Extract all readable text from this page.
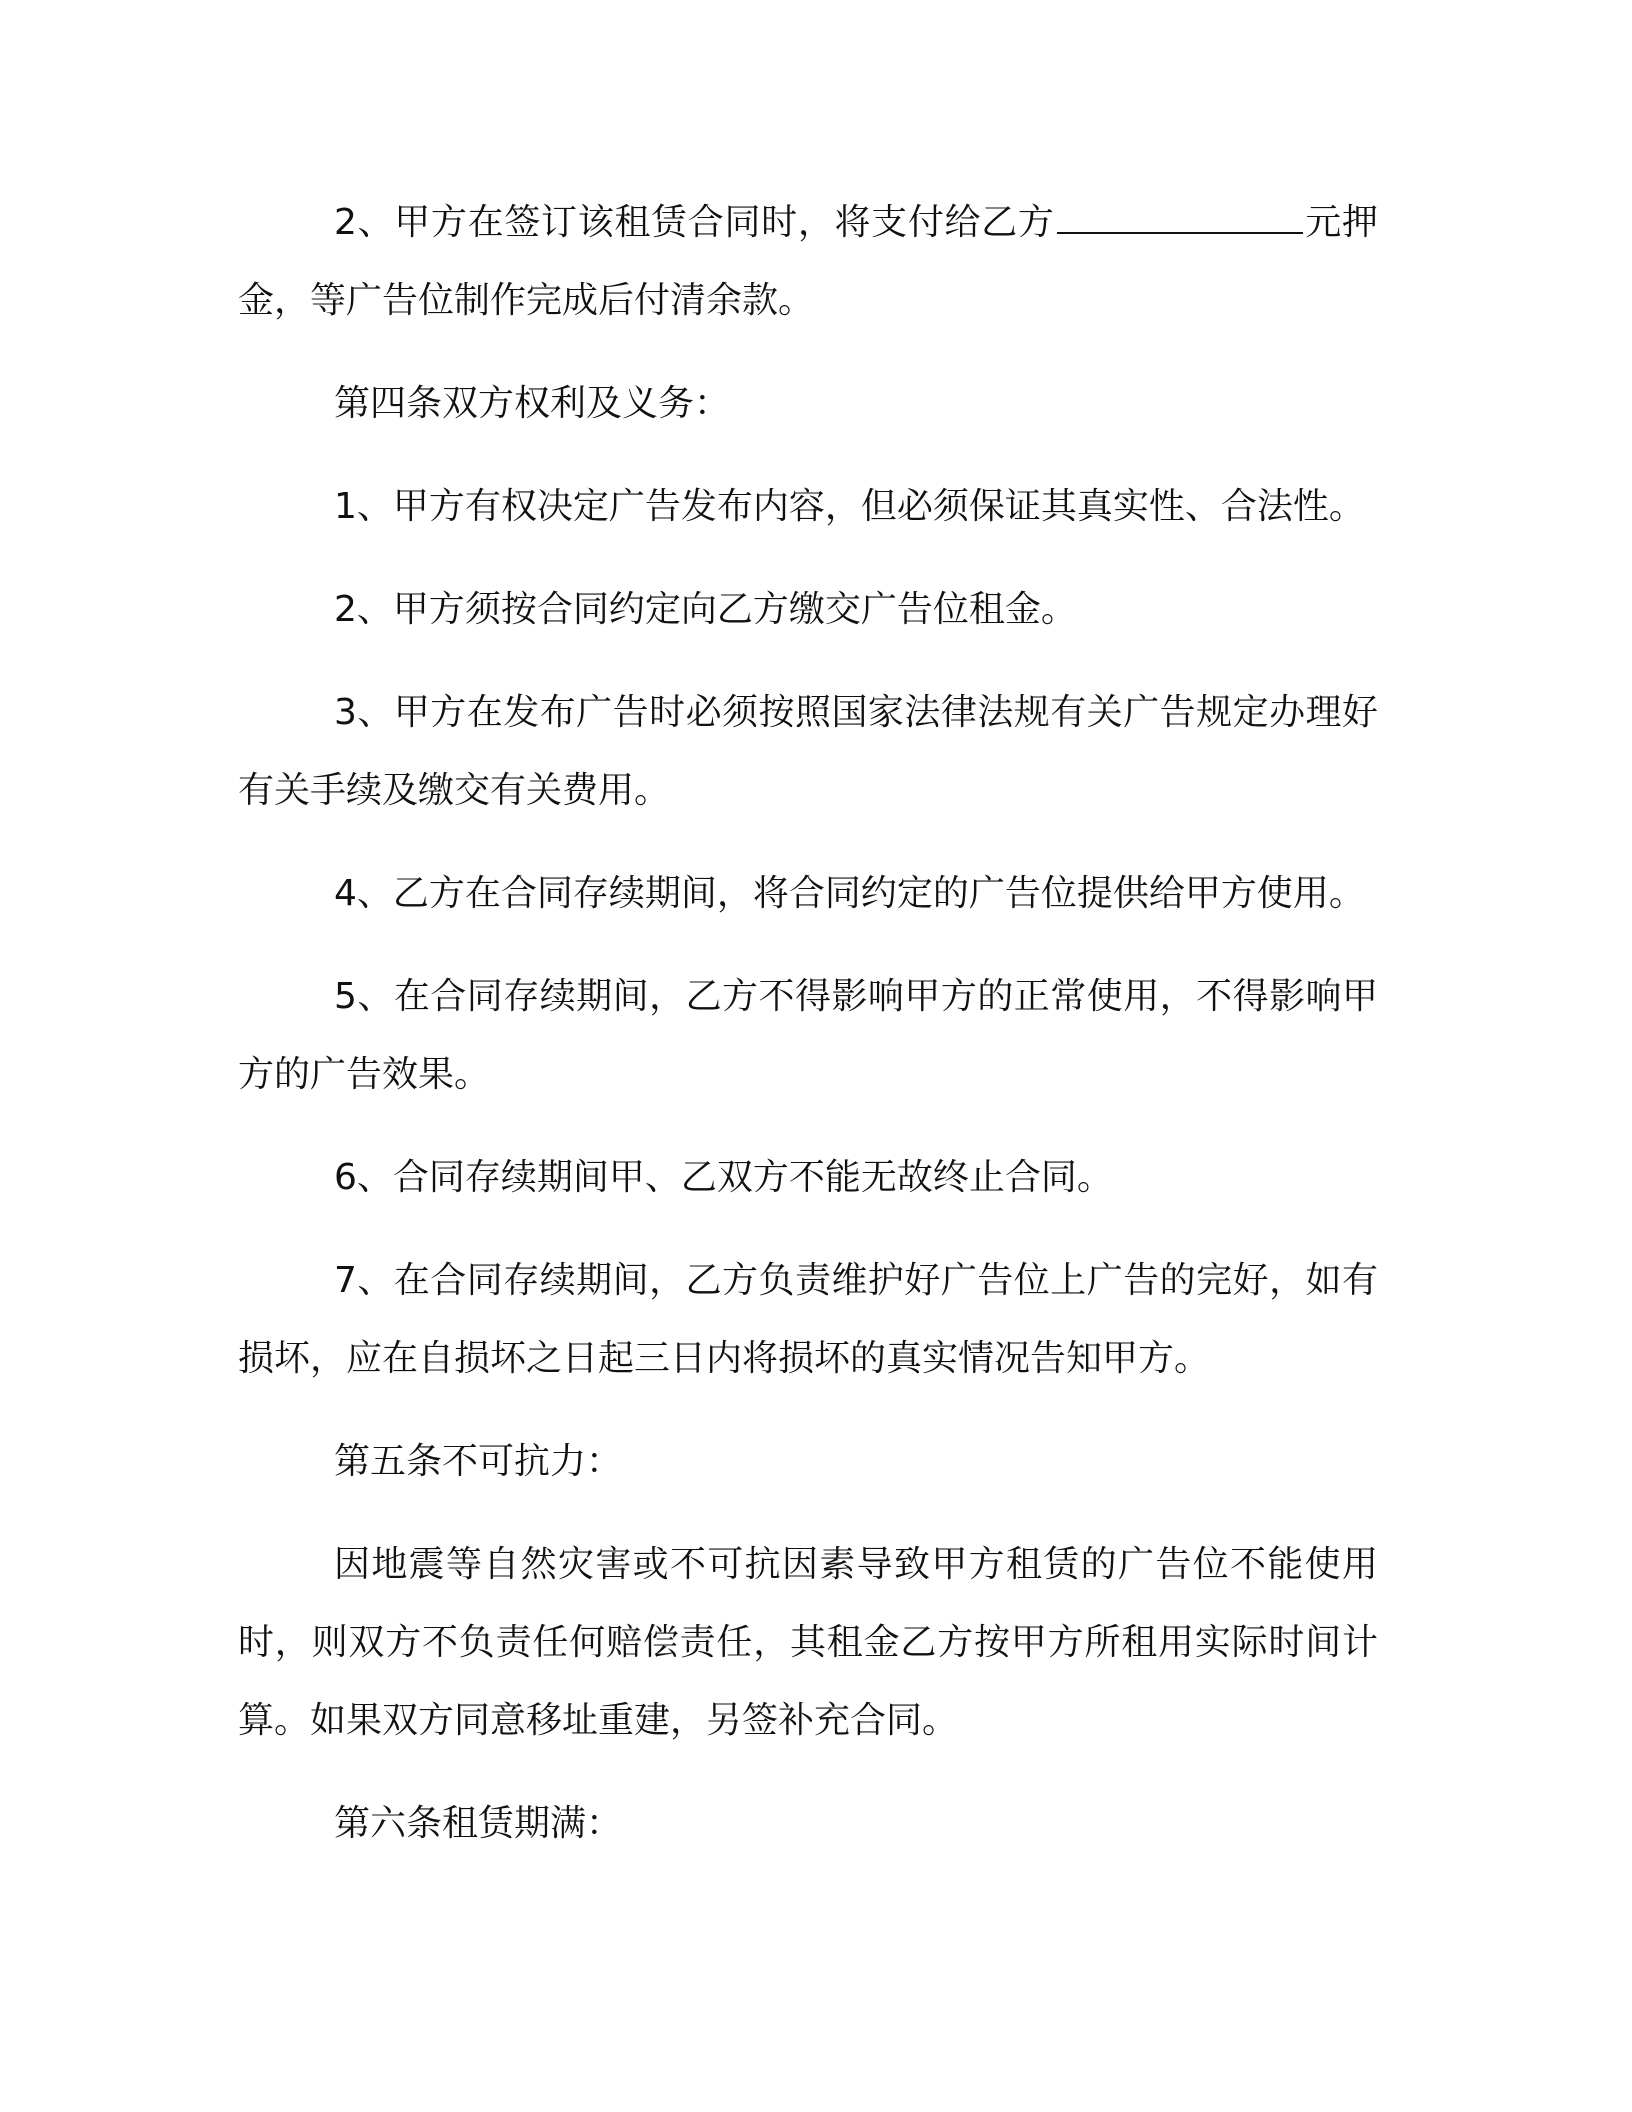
2、甲方在签订该租赁合同时，将支付给乙方	元押金，等广告位制作完成后付清余款。

第四条双方权利及义务：

1、甲方有权决定广告发布内容，但必须保证其真实性、合法性。

2、甲方须按合同约定向乙方缴交广告位租金。

3、甲方在发布广告时必须按照国家法律法规有关广告规定办理好有关手续及缴交有关费用。

4、乙方在合同存续期间，将合同约定的广告位提供给甲方使用。

5、在合同存续期间，乙方不得影响甲方的正常使用，不得影响甲方的广告效果。

6、合同存续期间甲、乙双方不能无故终止合同。

7、在合同存续期间，乙方负责维护好广告位上广告的完好，如有损坏，应在自损坏之日起三日内将损坏的真实情况告知甲方。

第五条不可抗力：

因地震等自然灾害或不可抗因素导致甲方租赁的广告位不能使用时，则双方不负责任何赔偿责任，其租金乙方按甲方所租用实际时间计算。如果双方同意移址重建，另签补充合同。

第六条租赁期满：
